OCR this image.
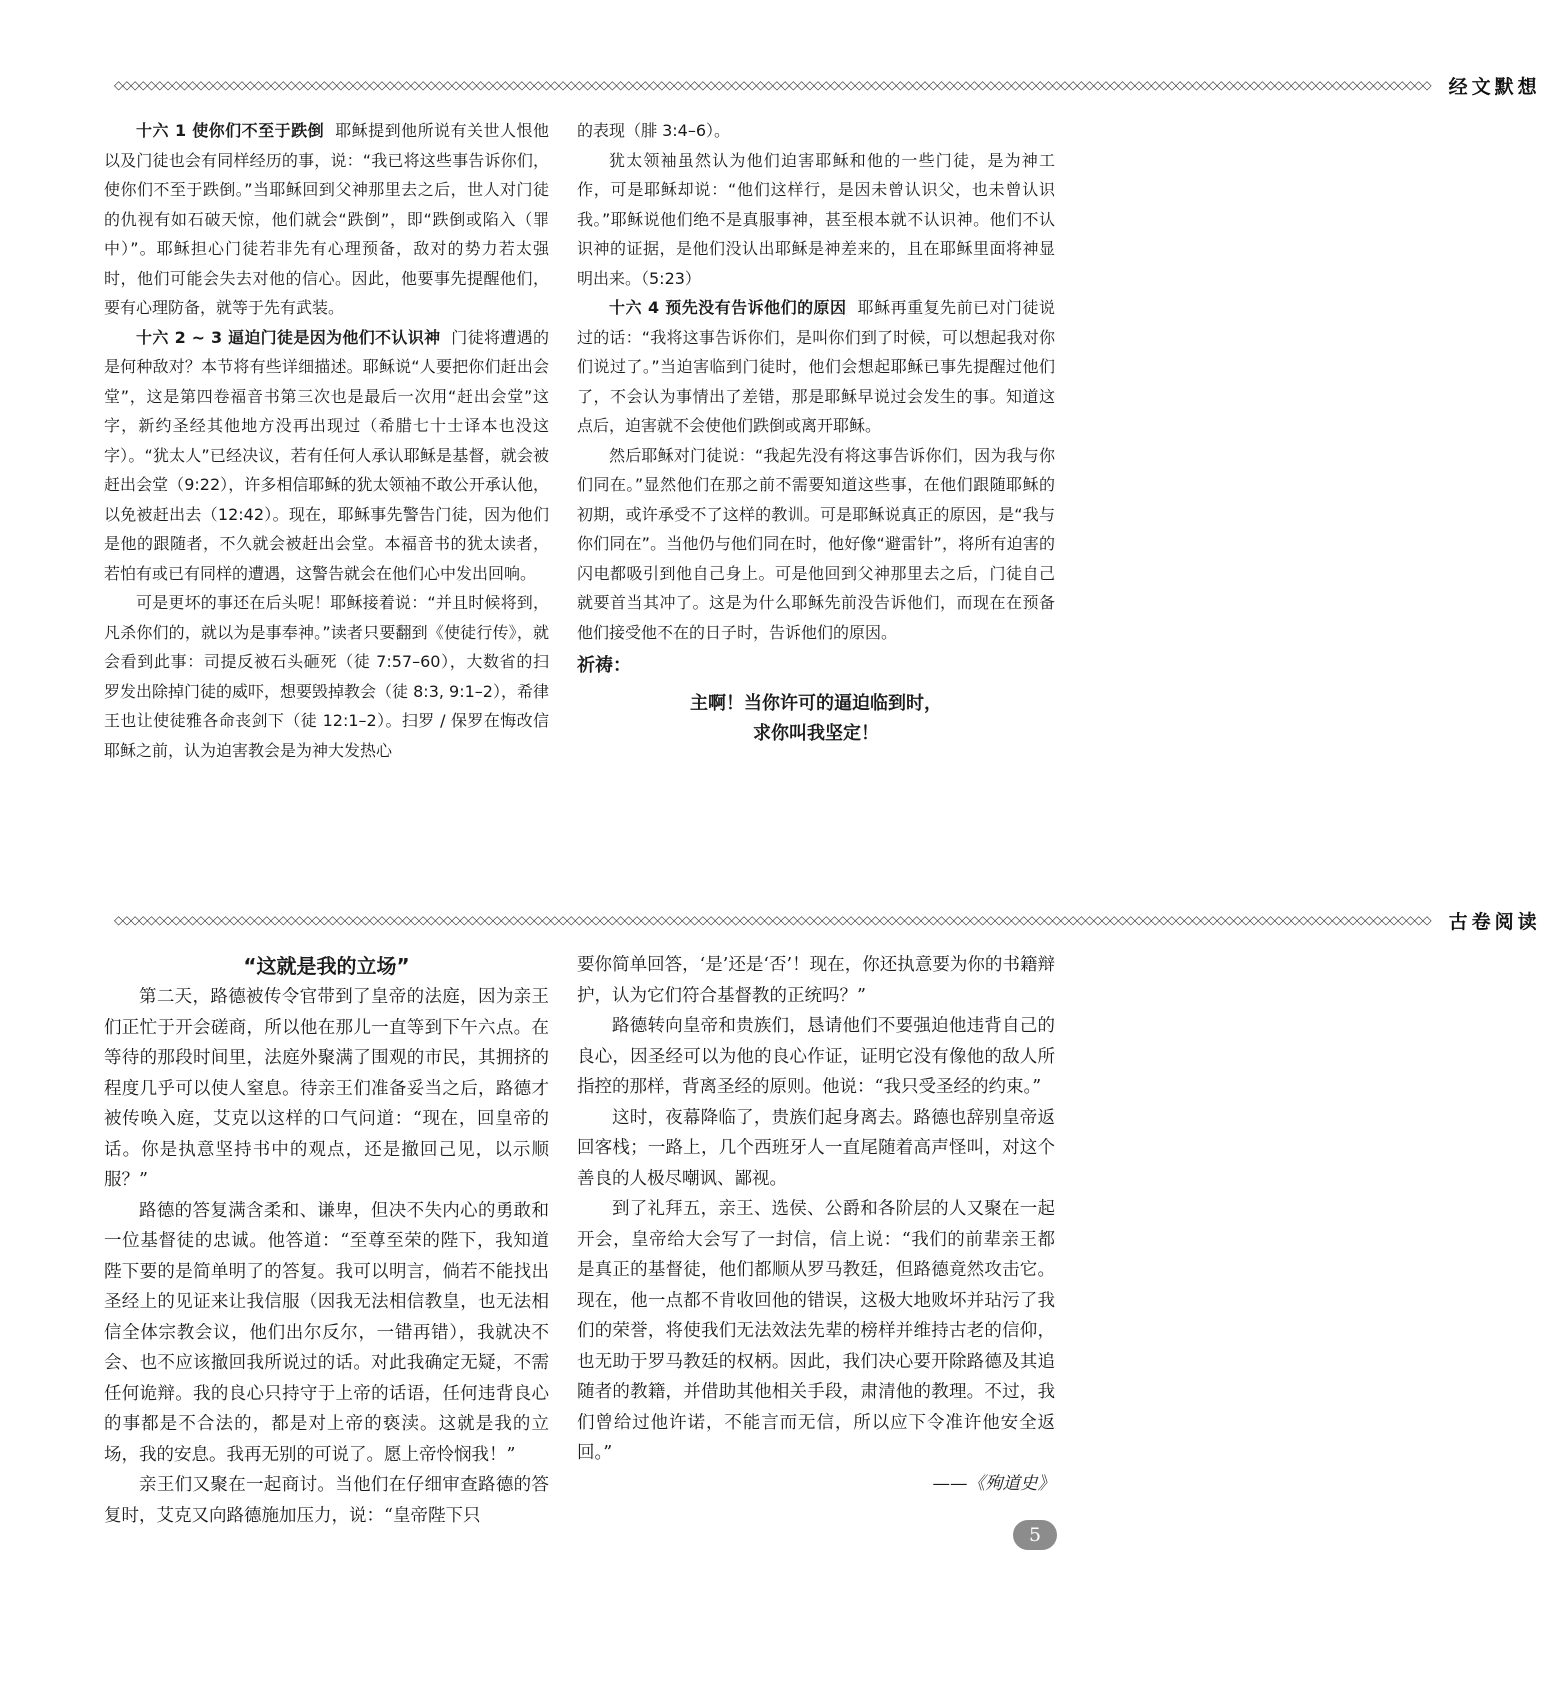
◇◇◇◇◇◇◇◇◇◇◇◇◇◇◇◇◇◇◇◇◇◇◇◇◇◇◇◇◇◇◇◇◇◇◇◇◇◇◇◇◇◇◇◇◇◇◇◇◇◇◇◇◇◇◇◇◇◇◇◇◇◇◇◇◇◇◇◇◇◇◇◇◇◇◇◇◇◇◇◇◇◇◇◇◇◇◇◇◇◇◇◇◇◇◇◇◇◇◇◇◇◇◇◇◇◇◇◇◇◇◇◇◇◇◇◇◇◇◇◇◇◇◇◇◇◇◇◇◇◇◇◇◇◇◇◇◇◇◇◇◇◇◇◇◇◇◇◇◇◇◇◇◇◇◇◇◇◇◇◇ 经文默想

十六 1 使你们不至于跌倒 耶稣提到他所说有关世人恨他以及门徒也会有同样经历的事，说：“我已将这些事告诉你们，使你们不至于跌倒。”当耶稣回到父神那里去之后，世人对门徒的仇视有如石破天惊，他们就会“跌倒”，即“跌倒或陷入（罪中）”。耶稣担心门徒若非先有心理预备，敌对的势力若太强时，他们可能会失去对他的信心。因此，他要事先提醒他们，要有心理防备，就等于先有武装。

十六 2 ~ 3 逼迫门徒是因为他们不认识神 门徒将遭遇的是何种敌对？本节将有些详细描述。耶稣说“人要把你们赶出会堂”，这是第四卷福音书第三次也是最后一次用“赶出会堂”这字，新约圣经其他地方没再出现过（希腊七十士译本也没这字）。“犹太人”已经决议，若有任何人承认耶稣是基督，就会被赶出会堂（9:22），许多相信耶稣的犹太领袖不敢公开承认他，以免被赶出去（12:42）。现在，耶稣事先警告门徒，因为他们是他的跟随者，不久就会被赶出会堂。本福音书的犹太读者，若怕有或已有同样的遭遇，这警告就会在他们心中发出回响。

可是更坏的事还在后头呢！耶稣接着说：“并且时候将到，凡杀你们的，就以为是事奉神。”读者只要翻到《使徒行传》，就会看到此事：司提反被石头砸死（徒 7:57–60），大数省的扫罗发出除掉门徒的威吓，想要毁掉教会（徒 8:3, 9:1–2），希律王也让使徒雅各命丧剑下（徒 12:1–2）。扫罗 / 保罗在悔改信耶稣之前，认为迫害教会是为神大发热心

的表现（腓 3:4–6）。

犹太领袖虽然认为他们迫害耶稣和他的一些门徒，是为神工作，可是耶稣却说：“他们这样行，是因未曾认识父，也未曾认识我。”耶稣说他们绝不是真服事神，甚至根本就不认识神。他们不认识神的证据，是他们没认出耶稣是神差来的，且在耶稣里面将神显明出来。（5:23）

十六 4 预先没有告诉他们的原因 耶稣再重复先前已对门徒说过的话：“我将这事告诉你们，是叫你们到了时候，可以想起我对你们说过了。”当迫害临到门徒时，他们会想起耶稣已事先提醒过他们了，不会认为事情出了差错，那是耶稣早说过会发生的事。知道这点后，迫害就不会使他们跌倒或离开耶稣。

然后耶稣对门徒说：“我起先没有将这事告诉你们，因为我与你们同在。”显然他们在那之前不需要知道这些事，在他们跟随耶稣的初期，或许承受不了这样的教训。可是耶稣说真正的原因，是“我与你们同在”。当他仍与他们同在时，他好像“避雷针”，将所有迫害的闪电都吸引到他自己身上。可是他回到父神那里去之后，门徒自己就要首当其冲了。这是为什么耶稣先前没告诉他们，而现在在预备他们接受他不在的日子时，告诉他们的原因。

祈祷：
主啊！当你许可的逼迫临到时，
求你叫我坚定！
◇◇◇◇◇◇◇◇◇◇◇◇◇◇◇◇◇◇◇◇◇◇◇◇◇◇◇◇◇◇◇◇◇◇◇◇◇◇◇◇◇◇◇◇◇◇◇◇◇◇◇◇◇◇◇◇◇◇◇◇◇◇◇◇◇◇◇◇◇◇◇◇◇◇◇◇◇◇◇◇◇◇◇◇◇◇◇◇◇◇◇◇◇◇◇◇◇◇◇◇◇◇◇◇◇◇◇◇◇◇◇◇◇◇◇◇◇◇◇◇◇◇◇◇◇◇◇◇◇◇◇◇◇◇◇◇◇◇◇◇◇◇◇◇◇◇◇◇◇◇◇◇◇◇◇◇◇◇◇◇ 古卷阅读
“这就是我的立场”

第二天，路德被传令官带到了皇帝的法庭，因为亲王们正忙于开会磋商，所以他在那儿一直等到下午六点。在等待的那段时间里，法庭外聚满了围观的市民，其拥挤的程度几乎可以使人窒息。待亲王们准备妥当之后，路德才被传唤入庭，艾克以这样的口气问道：“现在，回皇帝的话。你是执意坚持书中的观点，还是撤回己见，以示顺服？”

路德的答复满含柔和、谦卑，但决不失内心的勇敢和一位基督徒的忠诚。他答道：“至尊至荣的陛下，我知道陛下要的是简单明了的答复。我可以明言，倘若不能找出圣经上的见证来让我信服（因我无法相信教皇，也无法相信全体宗教会议，他们出尔反尔，一错再错），我就决不会、也不应该撤回我所说过的话。对此我确定无疑，不需任何诡辩。我的良心只持守于上帝的话语，任何违背良心的事都是不合法的，都是对上帝的亵渎。这就是我的立场，我的安息。我再无别的可说了。愿上帝怜悯我！”

亲王们又聚在一起商讨。当他们在仔细审查路德的答复时，艾克又向路德施加压力，说：“皇帝陛下只

要你简单回答，‘是’还是‘否’！现在，你还执意要为你的书籍辩护，认为它们符合基督教的正统吗？”

路德转向皇帝和贵族们，恳请他们不要强迫他违背自己的良心，因圣经可以为他的良心作证，证明它没有像他的敌人所指控的那样，背离圣经的原则。他说：“我只受圣经的约束。”

这时，夜幕降临了，贵族们起身离去。路德也辞别皇帝返回客栈；一路上，几个西班牙人一直尾随着高声怪叫，对这个善良的人极尽嘲讽、鄙视。

到了礼拜五，亲王、选侯、公爵和各阶层的人又聚在一起开会，皇帝给大会写了一封信，信上说：“我们的前辈亲王都是真正的基督徒，他们都顺从罗马教廷，但路德竟然攻击它。现在，他一点都不肯收回他的错误，这极大地败坏并玷污了我们的荣誉，将使我们无法效法先辈的榜样并维持古老的信仰，也无助于罗马教廷的权柄。因此，我们决心要开除路德及其追随者的教籍，并借助其他相关手段，肃清他的教理。不过，我们曾给过他许诺，不能言而无信，所以应下令准许他安全返回。”

——《殉道史》
5
